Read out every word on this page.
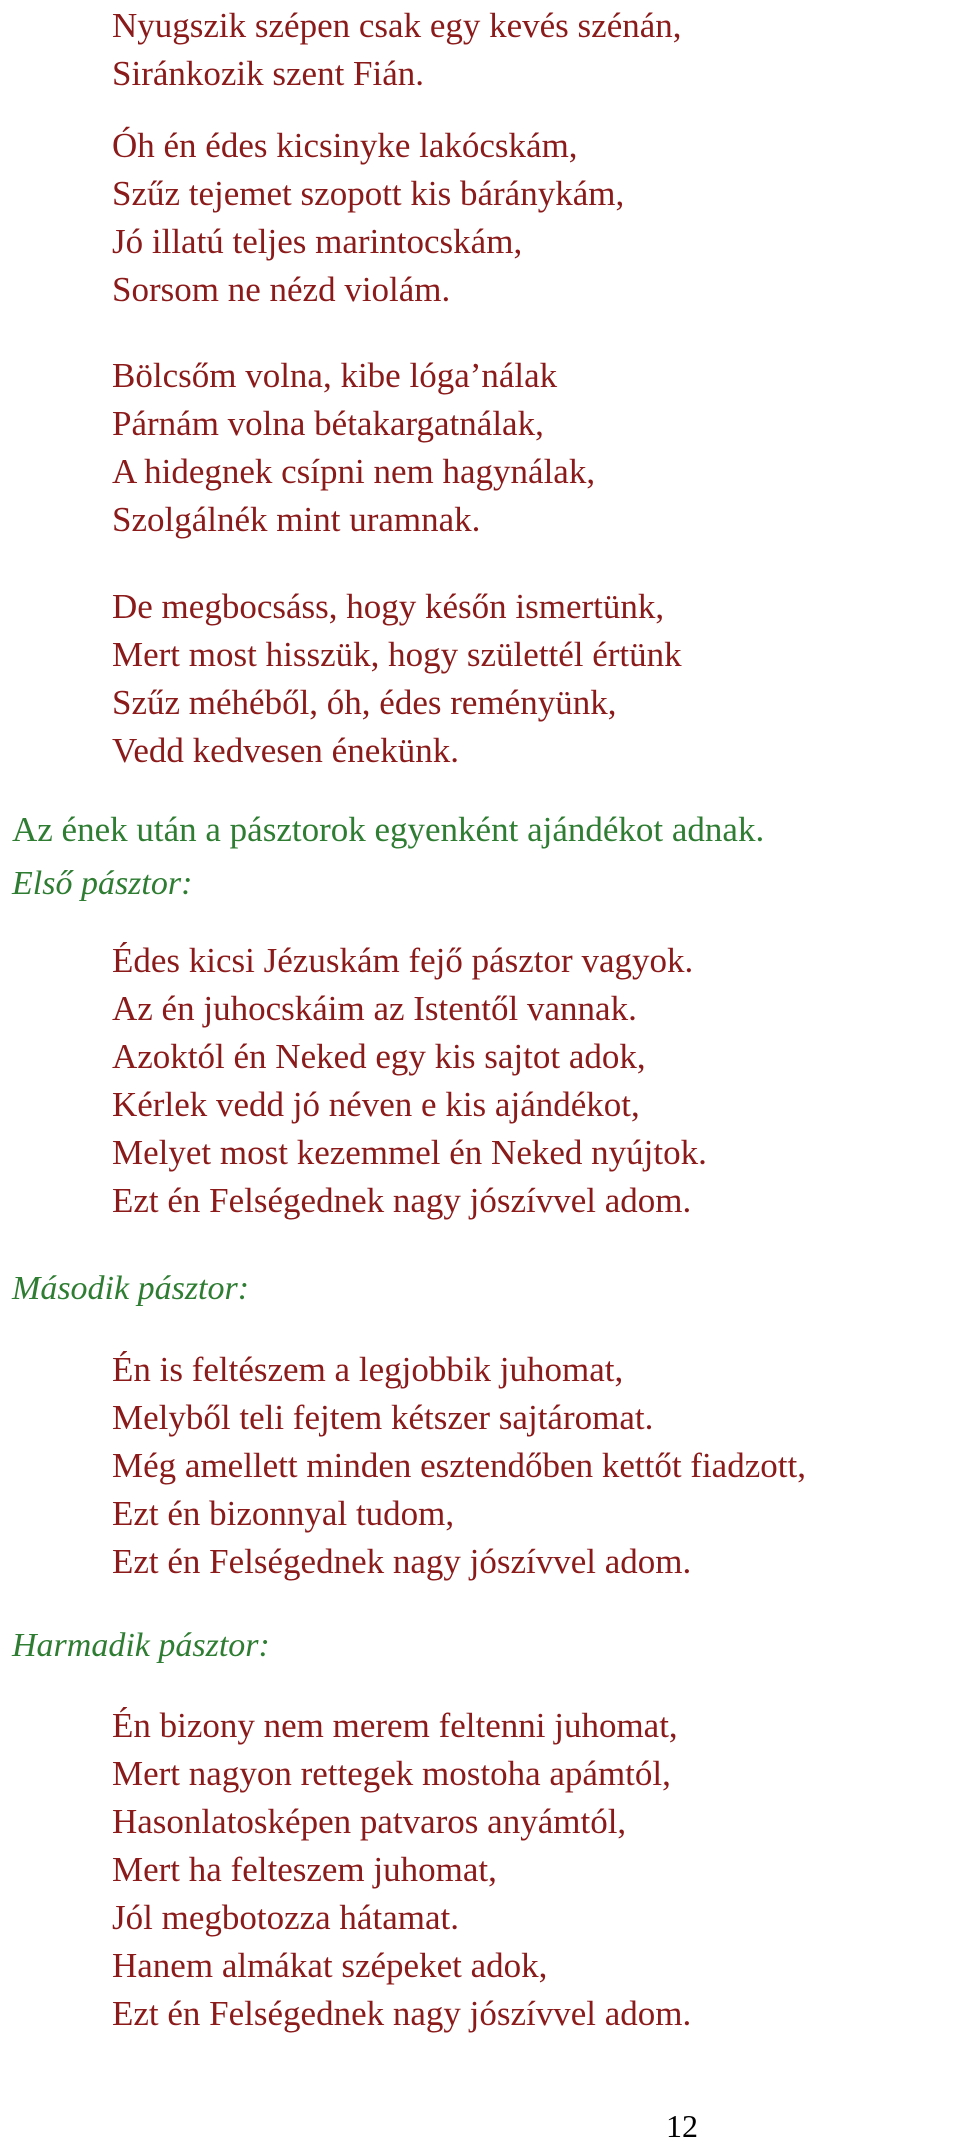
Nyugszik szépen csak egy kevés szénán,
Siránkozik szent Fián.
Óh én édes kicsinyke lakócskám,
Szűz tejemet szopott kis báránykám,
Jó illatú teljes marintocskám,
Sorsom ne nézd violám.
Bölcsőm volna, kibe lóga’nálak
Párnám volna bétakargatnálak,
A hidegnek csípni nem hagynálak,
Szolgálnék mint uramnak.
De megbocsáss, hogy későn ismertünk,
Mert most hisszük, hogy születtél értünk
Szűz méhéből, óh, édes reményünk,
Vedd kedvesen énekünk.
Az ének után a pásztorok egyenként ajándékot adnak.
Első pásztor:
Édes kicsi Jézuskám fejő pásztor vagyok.
Az én juhocskáim az Istentől vannak.
Azoktól én Neked egy kis sajtot adok,
Kérlek vedd jó néven e kis ajándékot,
Melyet most kezemmel én Neked nyújtok.
Ezt én Felségednek nagy jószívvel adom.
Második pásztor:
Én is feltészem a legjobbik juhomat,
Melyből teli fejtem kétszer sajtáromat.
Még amellett minden esztendőben kettőt fiadzott,
Ezt én bizonnyal tudom,
Ezt én Felségednek nagy jószívvel adom.
Harmadik pásztor:
Én bizony nem merem feltenni juhomat,
Mert nagyon rettegek mostoha apámtól,
Hasonlatosképen patvaros anyámtól,
Mert ha felteszem juhomat,
Jól megbotozza hátamat.
Hanem almákat szépeket adok,
Ezt én Felségednek nagy jószívvel adom.
12
